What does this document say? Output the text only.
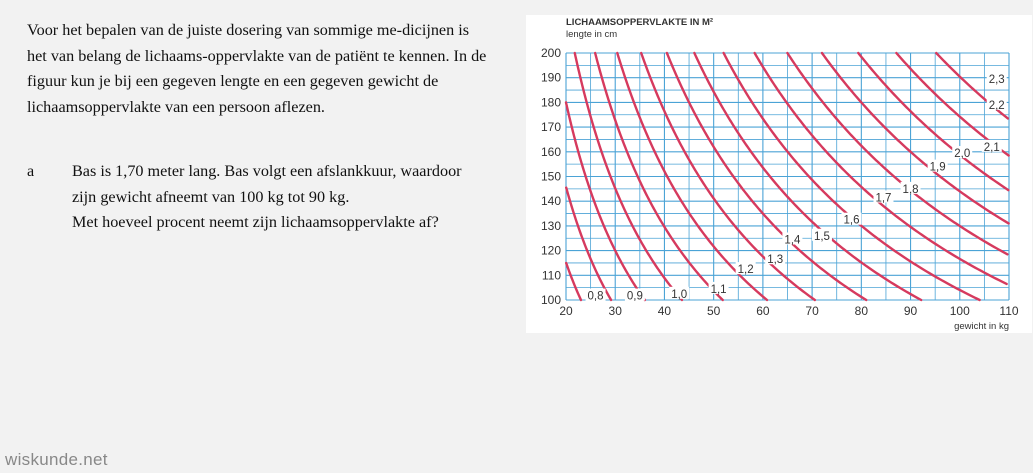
Voor het bepalen van de juiste dosering van sommige me-dicijnen is het van belang de lichaams-oppervlakte van de patiënt te kennen. In de figuur kun je bij een gegeven lengte en een gegeven gewicht de lichaamsoppervlakte van een persoon aflezen.
a	Bas is 1,70 meter lang. Bas volgt een afslankkuur, waardoor zijn gewicht afneemt van 100 kg tot 90 kg.
Met hoeveel procent neemt zijn lichaamsoppervlakte af?
0,8 0,9 1,0 1,1
1,2
1,3
1,4 1,5
1,6
1,7
1,8
1,9
2,0
2,1
2,2
2,3
20	30	40	50	60	70	80	90	100 110
100
110
120
130
140
150
160
170
180
190
200
LICHAAMSOPPERVLAKTE IN M²
lengte in cm
gewicht in kg
wiskunde.net
